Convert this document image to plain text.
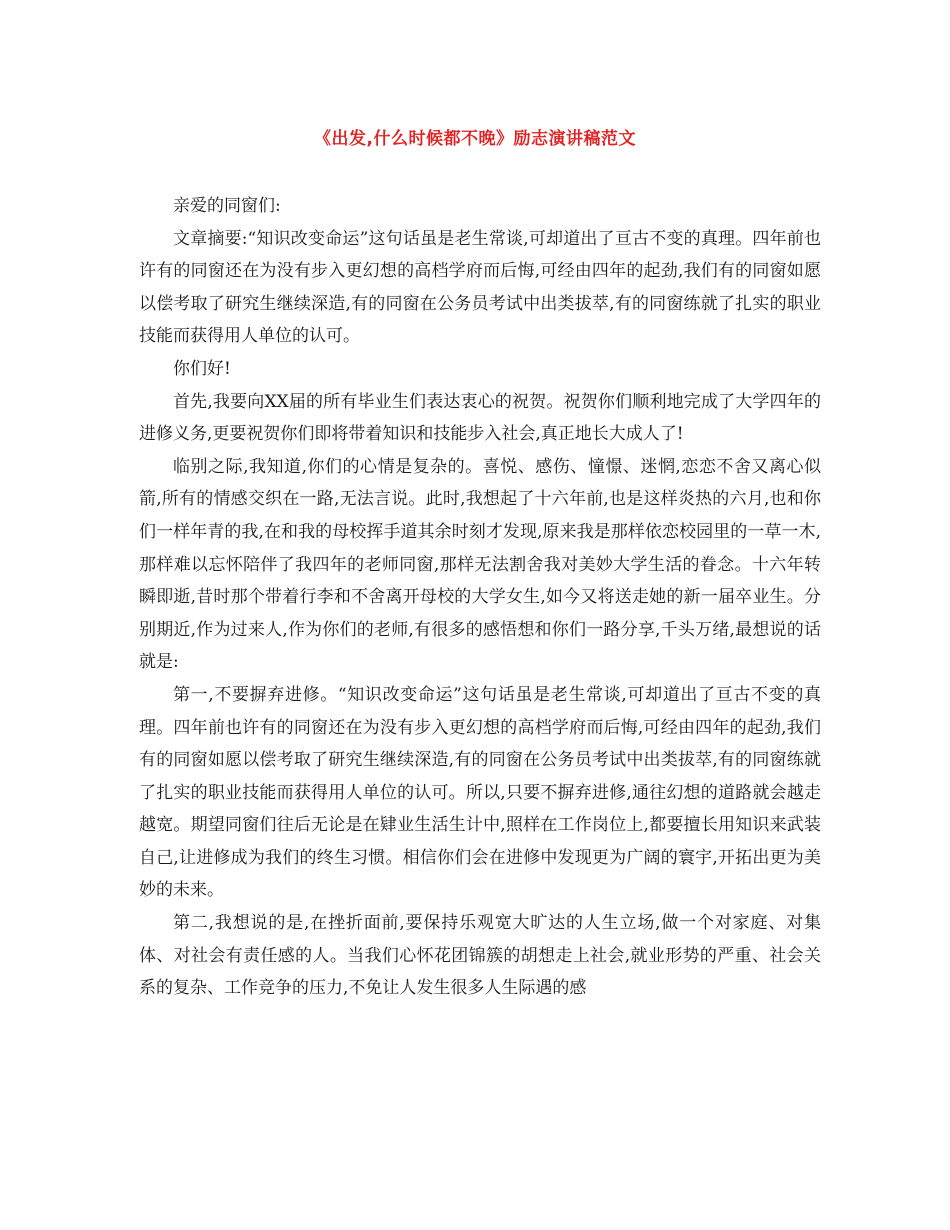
《出发,什么时候都不晚》励志演讲稿范文

亲爱的同窗们:

文章摘要:“知识改变命运”这句话虽是老生常谈,可却道出了亘古不变的真理。四年前也许有的同窗还在为没有步入更幻想的高档学府而后悔,可经由四年的起劲,我们有的同窗如愿以偿考取了研究生继续深造,有的同窗在公务员考试中出类拔萃,有的同窗练就了扎实的职业技能而获得用人单位的认可。

你们好!

首先,我要向XX届的所有毕业生们表达衷心的祝贺。祝贺你们顺利地完成了大学四年的进修义务,更要祝贺你们即将带着知识和技能步入社会,真正地长大成人了!

临别之际,我知道,你们的心情是复杂的。喜悦、感伤、憧憬、迷惘,恋恋不舍又离心似箭,所有的情感交织在一路,无法言说。此时,我想起了十六年前,也是这样炎热的六月,也和你们一样年青的我,在和我的母校挥手道其余时刻才发现,原来我是那样依恋校园里的一草一木,那样难以忘怀陪伴了我四年的老师同窗,那样无法割舍我对美妙大学生活的眷念。十六年转瞬即逝,昔时那个带着行李和不舍离开母校的大学女生,如今又将送走她的新一届卒业生。分别期近,作为过来人,作为你们的老师,有很多的感悟想和你们一路分享,千头万绪,最想说的话就是:

第一,不要摒弃进修。“知识改变命运”这句话虽是老生常谈,可却道出了亘古不变的真理。四年前也许有的同窗还在为没有步入更幻想的高档学府而后悔,可经由四年的起劲,我们有的同窗如愿以偿考取了研究生继续深造,有的同窗在公务员考试中出类拔萃,有的同窗练就了扎实的职业技能而获得用人单位的认可。所以,只要不摒弃进修,通往幻想的道路就会越走越宽。期望同窗们往后无论是在肄业生活生计中,照样在工作岗位上,都要擅长用知识来武装自己,让进修成为我们的终生习惯。相信你们会在进修中发现更为广阔的寰宇,开拓出更为美妙的未来。

第二,我想说的是,在挫折面前,要保持乐观宽大旷达的人生立场,做一个对家庭、对集体、对社会有责任感的人。当我们心怀花团锦簇的胡想走上社会,就业形势的严重、社会关系的复杂、工作竞争的压力,不免让人发生很多人生际遇的感
